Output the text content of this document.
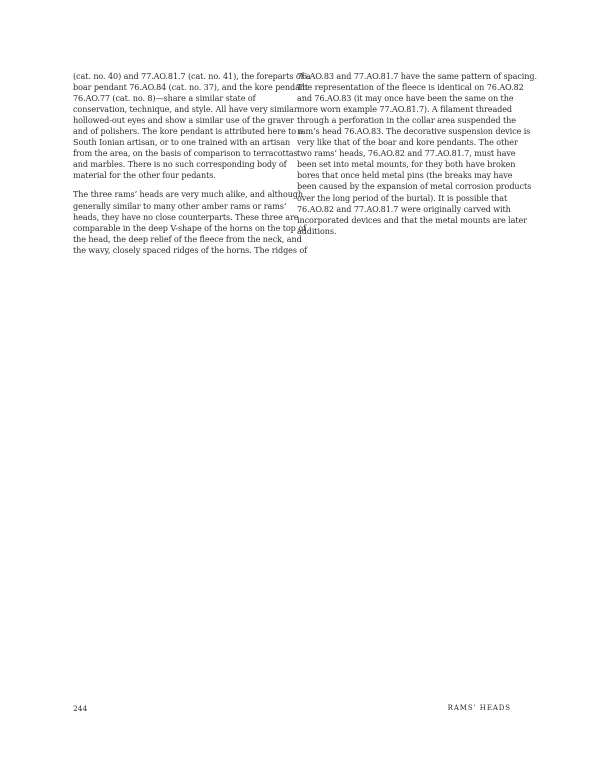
(cat. no. 40) and 77.AO.81.7 (cat. no. 41), the foreparts of a
boar pendant 76.AO.84 (cat. no. 37), and the kore pendant
76.AO.77 (cat. no. 8)—share a similar state of
conservation, technique, and style. All have very similar
hollowed-out eyes and show a similar use of the graver
and of polishers. The kore pendant is attributed here to a
South Ionian artisan, or to one trained with an artisan
from the area, on the basis of comparison to terracottas
and marbles. There is no such corresponding body of
material for the other four pedants.

The three rams’ heads are very much alike, and although
generally similar to many other amber rams or rams’
heads, they have no close counterparts. These three are
comparable in the deep V-shape of the horns on the top of
the head, the deep relief of the fleece from the neck, and
the wavy, closely spaced ridges of the horns. The ridges of

76.AO.83 and 77.AO.81.7 have the same pattern of spacing.
The representation of the fleece is identical on 76.AO.82
and 76.AO.83 (it may once have been the same on the
more worn example 77.AO.81.7). A filament threaded
through a perforation in the collar area suspended the
ram’s head 76.AO.83. The decorative suspension device is
very like that of the boar and kore pendants. The other
two rams’ heads, 76.AO.82 and 77.AO.81.7, must have
been set into metal mounts, for they both have broken
bores that once held metal pins (the breaks may have
been caused by the expansion of metal corrosion products
over the long period of the burial). It is possible that
76.AO.82 and 77.AO.81.7 were originally carved with
incorporated devices and that the metal mounts are later
additions.

244	RAMS’ HEADS
